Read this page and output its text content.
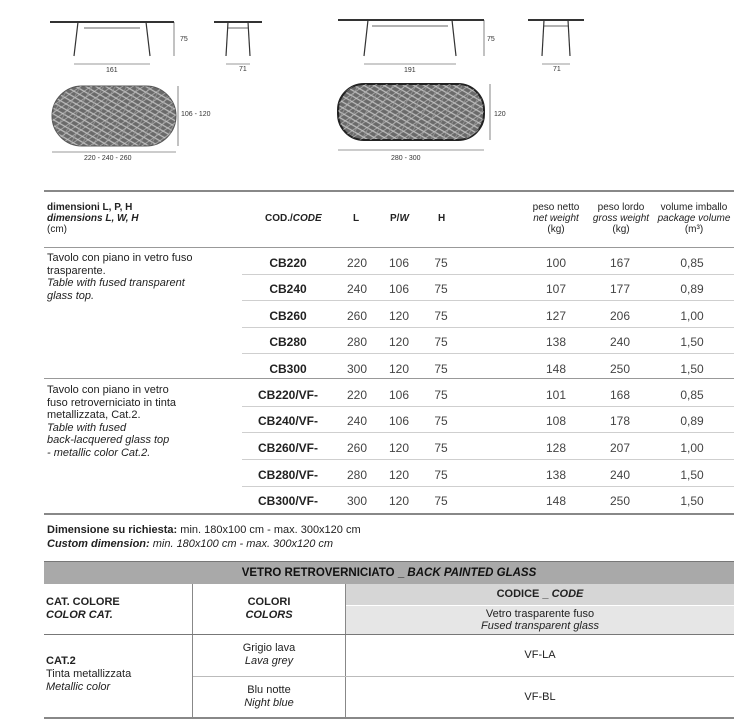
75
161	71
75
191	71
106 - 120
220 - 240 - 260
120
280 - 300
dimensioni L, P, H
dimensions L, W, H
(cm)
COD./CODE	L	P/W	H
peso netto
net weight
(kg)
peso lordo
gross weight
(kg)
volume imballo
package volume
(m³)
Tavolo con piano in vetro fuso
trasparente.
Table with fused transparent
glass top.
Tavolo con piano in vetro
fuso retroverniciato in tinta
metallizzata, Cat.2.
Table with fused
back-lacquered glass top
- metallic color Cat.2.
CB220	220	106	75	100	167	0,85
CB240	240	106	75	107	177	0,89
CB260	260	120	75	127	206	1,00
CB280	280	120	75	138	240	1,50
CB300	300	120	75	148	250	1,50
CB220/VF-	220	106	75	101	168	0,85
CB240/VF-	240	106	75	108	178	0,89
CB260/VF-	260	120	75	128	207	1,00
CB280/VF-	280	120	75	138	240	1,50
CB300/VF-	300	120	75	148	250	1,50
Dimensione su richiesta: min. 180x100 cm - max. 300x120 cm
Custom dimension: min. 180x100 cm - max. 300x120 cm
VETRO RETROVERNICIATO _ BACK PAINTED GLASS
CAT. COLORE
COLOR CAT.
COLORI
COLORS
CODICE _ CODE
Vetro trasparente fuso
Fused transparent glass
CAT.2
Tinta metallizzata
Metallic color
Grigio lava
Lava grey	VF-LA
Blu notte
Night blue	VF-BL
